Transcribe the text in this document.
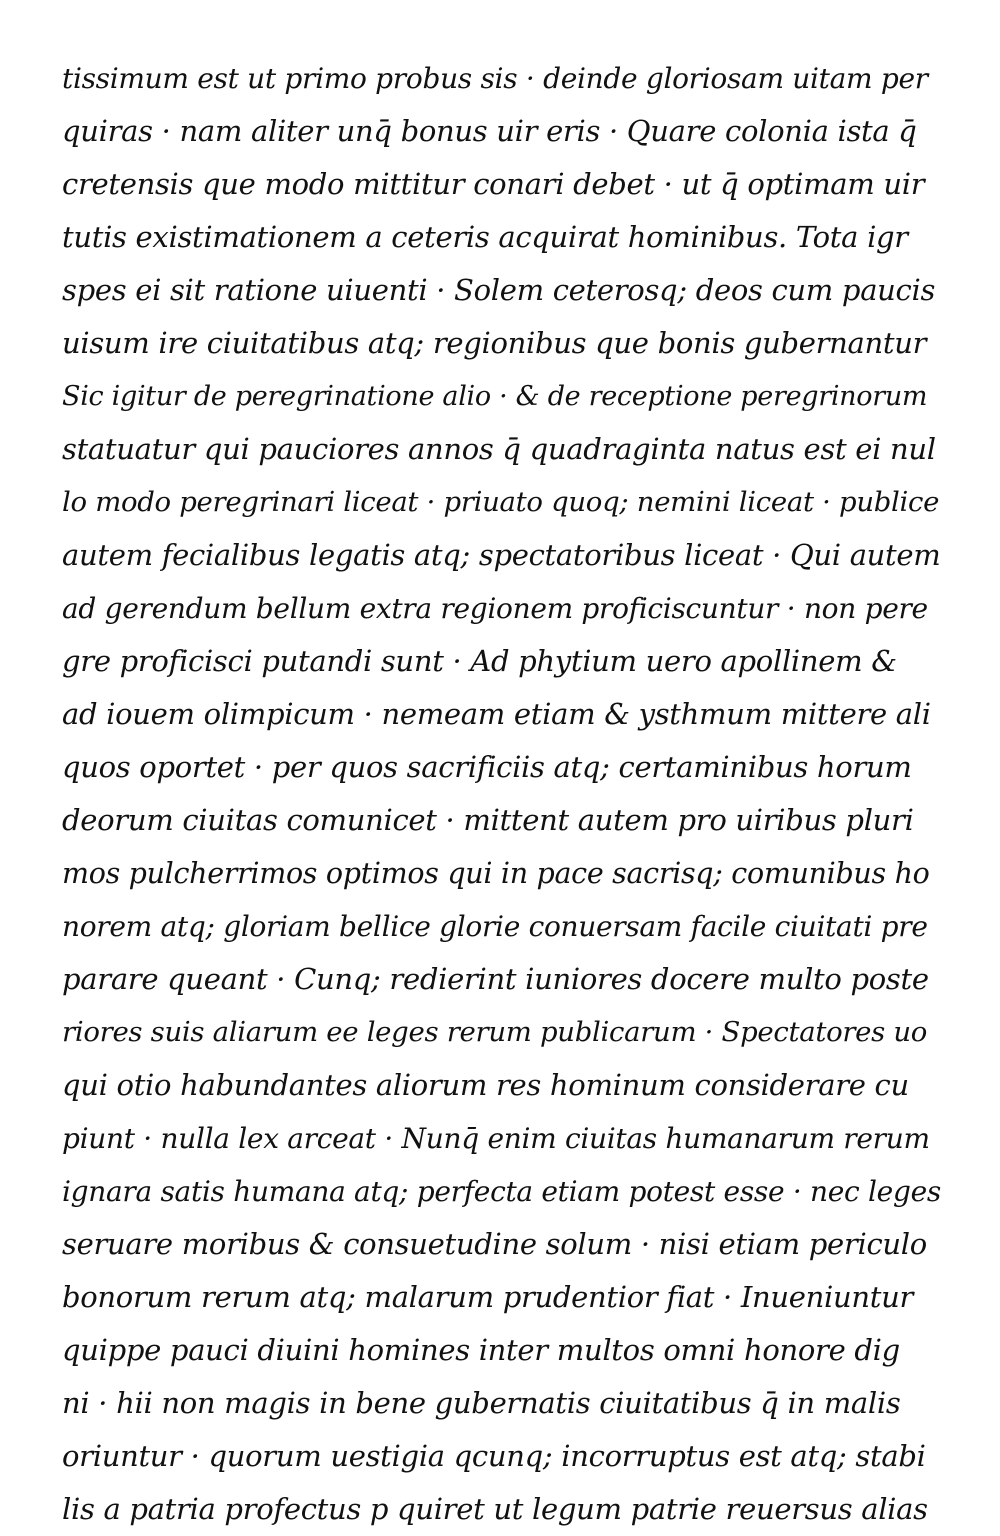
tissimum est ut primo probus sis · deinde gloriosam uitam per
quiras · nam aliter unq̄ bonus uir eris · Quare colonia ista q̄
cretensis que modo mittitur conari debet · ut q̄ optimam uir
tutis existimationem a ceteris acquirat hominibus. Tota igr
spes ei sit ratione uiuenti · Solem ceterosq; deos cum paucis
uisum ire ciuitatibus atq; regionibus que bonis gubernantur
Sic igitur de peregrinatione alio · & de receptione peregrinorum
statuatur qui pauciores annos q̄ quadraginta natus est ei nul
lo modo peregrinari liceat · priuato quoq; nemini liceat · publice
autem fecialibus legatis atq; spectatoribus liceat · Qui autem
ad gerendum bellum extra regionem proficiscuntur · non pere
gre proficisci putandi sunt · Ad phytium uero apollinem &
ad iouem olimpicum · nemeam etiam & ysthmum mittere ali
quos oportet · per quos sacrificiis atq; certaminibus horum
deorum ciuitas comunicet · mittent autem pro uiribus pluri
mos pulcherrimos optimos qui in pace sacrisq; comunibus ho
norem atq; gloriam bellice glorie conuersam facile ciuitati pre
parare queant · Cunq; redierint iuniores docere multo poste
riores suis aliarum ee leges rerum publicarum · Spectatores uo
qui otio habundantes aliorum res hominum considerare cu
piunt · nulla lex arceat · Nunq̄ enim ciuitas humanarum rerum
ignara satis humana atq; perfecta etiam potest esse · nec leges
seruare moribus & consuetudine solum · nisi etiam periculo
bonorum rerum atq; malarum prudentior fiat · Inueniuntur
quippe pauci diuini homines inter multos omni honore dig
ni · hii non magis in bene gubernatis ciuitatibus q̄ in malis
oriuntur · quorum uestigia qcunq; incorruptus est atq; stabi
lis a patria profectus p quiret ut legum patrie reuersus alias
